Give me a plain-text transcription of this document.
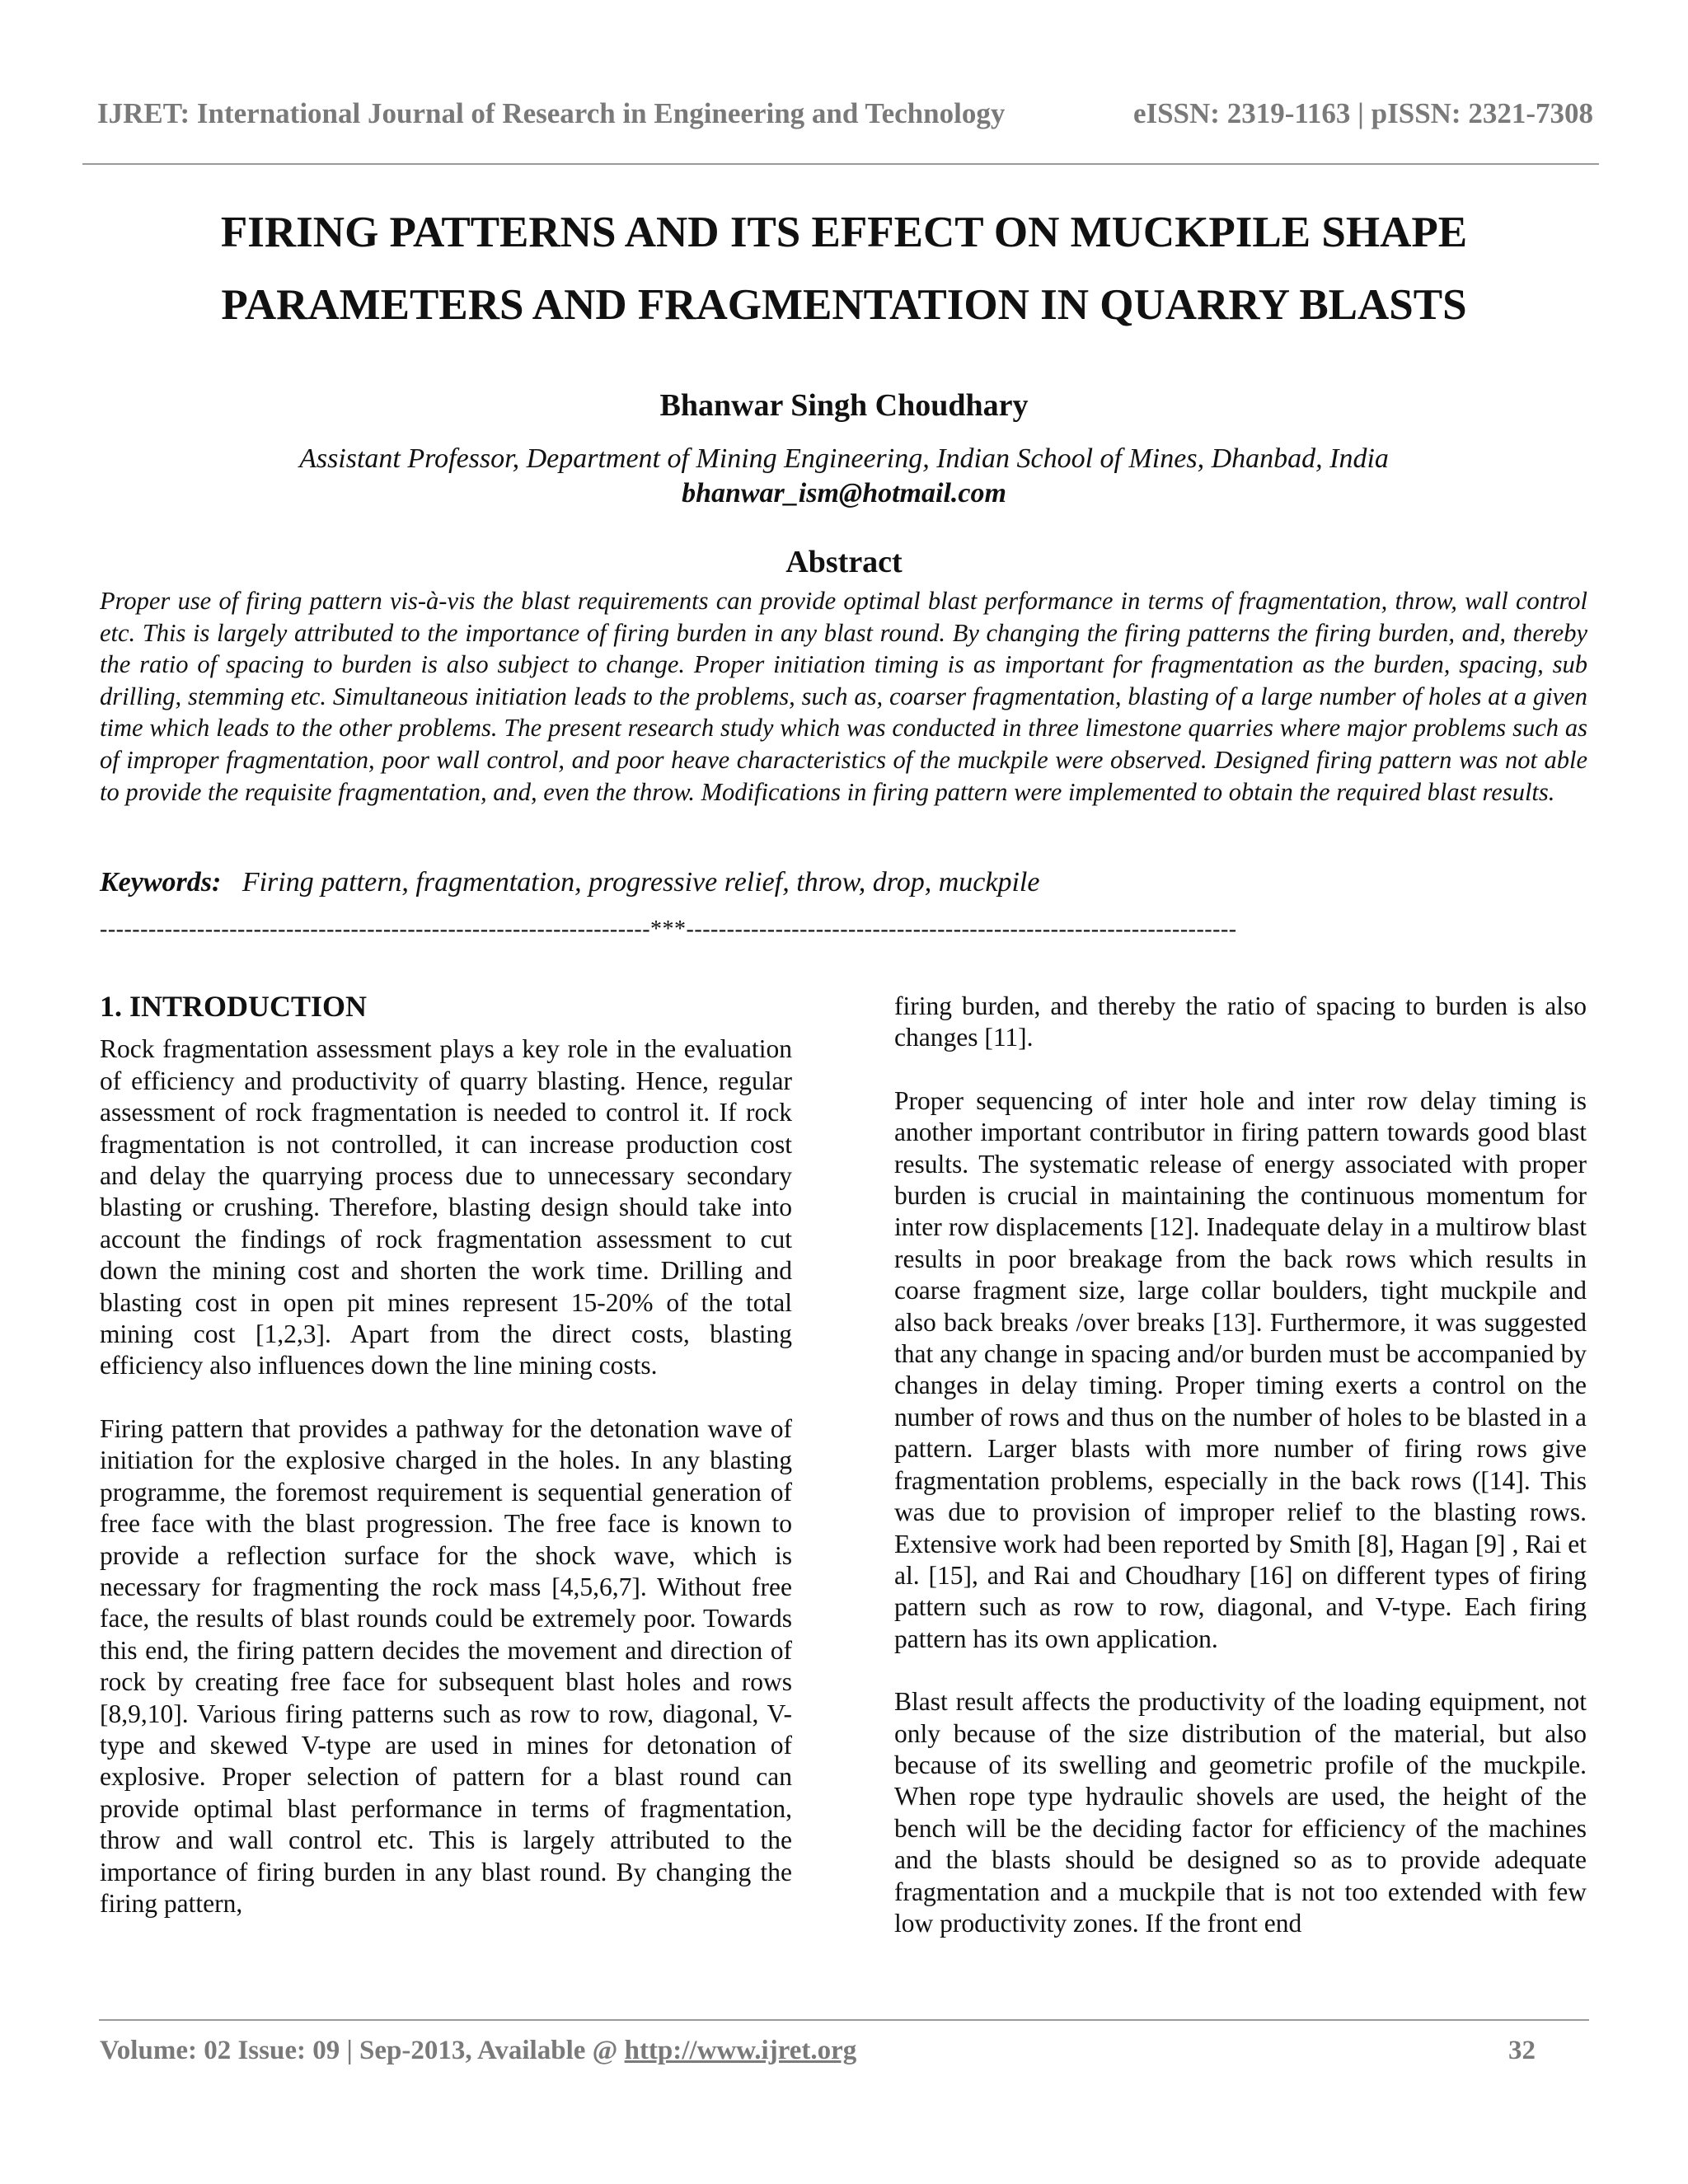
IJRET: International Journal of Research in Engineering and Technology	eISSN: 2319-1163 | pISSN: 2321-7308
FIRING PATTERNS AND ITS EFFECT ON MUCKPILE SHAPE
PARAMETERS AND FRAGMENTATION IN QUARRY BLASTS
Bhanwar Singh Choudhary
Assistant Professor, Department of Mining Engineering, Indian School of Mines, Dhanbad, India
bhanwar_ism@hotmail.com
Abstract
Proper use of firing pattern vis-à-vis the blast requirements can provide optimal blast performance in terms of fragmentation, throw, wall control etc. This is largely attributed to the importance of firing burden in any blast round. By changing the firing patterns the firing burden, and, thereby the ratio of spacing to burden is also subject to change. Proper initiation timing is as important for fragmentation as the burden, spacing, sub drilling, stemming etc. Simultaneous initiation leads to the problems, such as, coarser fragmentation, blasting of a large number of holes at a given time which leads to the other problems. The present research study which was conducted in three limestone quarries where major problems such as of improper fragmentation, poor wall control, and poor heave characteristics of the muckpile were observed. Designed firing pattern was not able to provide the requisite fragmentation, and, even the throw. Modifications in firing pattern were implemented to obtain the required blast results.
Keywords: Firing pattern, fragmentation, progressive relief, throw, drop, muckpile
--------------------------------------------------------------------***--------------------------------------------------------------------
1. INTRODUCTION

Rock fragmentation assessment plays a key role in the evaluation of efficiency and productivity of quarry blasting. Hence, regular assessment of rock fragmentation is needed to control it. If rock fragmentation is not controlled, it can increase production cost and delay the quarrying process due to unnecessary secondary blasting or crushing. Therefore, blasting design should take into account the findings of rock fragmentation assessment to cut down the mining cost and shorten the work time. Drilling and blasting cost in open pit mines represent 15-20% of the total mining cost [1,2,3]. Apart from the direct costs, blasting efficiency also influences down the line mining costs.

Firing pattern that provides a pathway for the detonation wave of initiation for the explosive charged in the holes. In any blasting programme, the foremost requirement is sequential generation of free face with the blast progression. The free face is known to provide a reflection surface for the shock wave, which is necessary for fragmenting the rock mass [4,5,6,7]. Without free face, the results of blast rounds could be extremely poor. Towards this end, the firing pattern decides the movement and direction of rock by creating free face for subsequent blast holes and rows [8,9,10]. Various firing patterns such as row to row, diagonal, V-type and skewed V-type are used in mines for detonation of explosive. Proper selection of pattern for a blast round can provide optimal blast performance in terms of fragmentation, throw and wall control etc. This is largely attributed to the importance of firing burden in any blast round. By changing the firing pattern,

firing burden, and thereby the ratio of spacing to burden is also changes [11].

Proper sequencing of inter hole and inter row delay timing is another important contributor in firing pattern towards good blast results. The systematic release of energy associated with proper burden is crucial in maintaining the continuous momentum for inter row displacements [12]. Inadequate delay in a multirow blast results in poor breakage from the back rows which results in coarse fragment size, large collar boulders, tight muckpile and also back breaks /over breaks [13]. Furthermore, it was suggested that any change in spacing and/or burden must be accompanied by changes in delay timing. Proper timing exerts a control on the number of rows and thus on the number of holes to be blasted in a pattern. Larger blasts with more number of firing rows give fragmentation problems, especially in the back rows ([14]. This was due to provision of improper relief to the blasting rows. Extensive work had been reported by Smith [8], Hagan [9] , Rai et al. [15], and Rai and Choudhary [16] on different types of firing pattern such as row to row, diagonal, and V-type. Each firing pattern has its own application.

Blast result affects the productivity of the loading equipment, not only because of the size distribution of the material, but also because of its swelling and geometric profile of the muckpile. When rope type hydraulic shovels are used, the height of the bench will be the deciding factor for efficiency of the machines and the blasts should be designed so as to provide adequate fragmentation and a muckpile that is not too extended with few low productivity zones. If the front end

Volume: 02 Issue: 09 | Sep-2013, Available @ http://www.ijret.org	32
